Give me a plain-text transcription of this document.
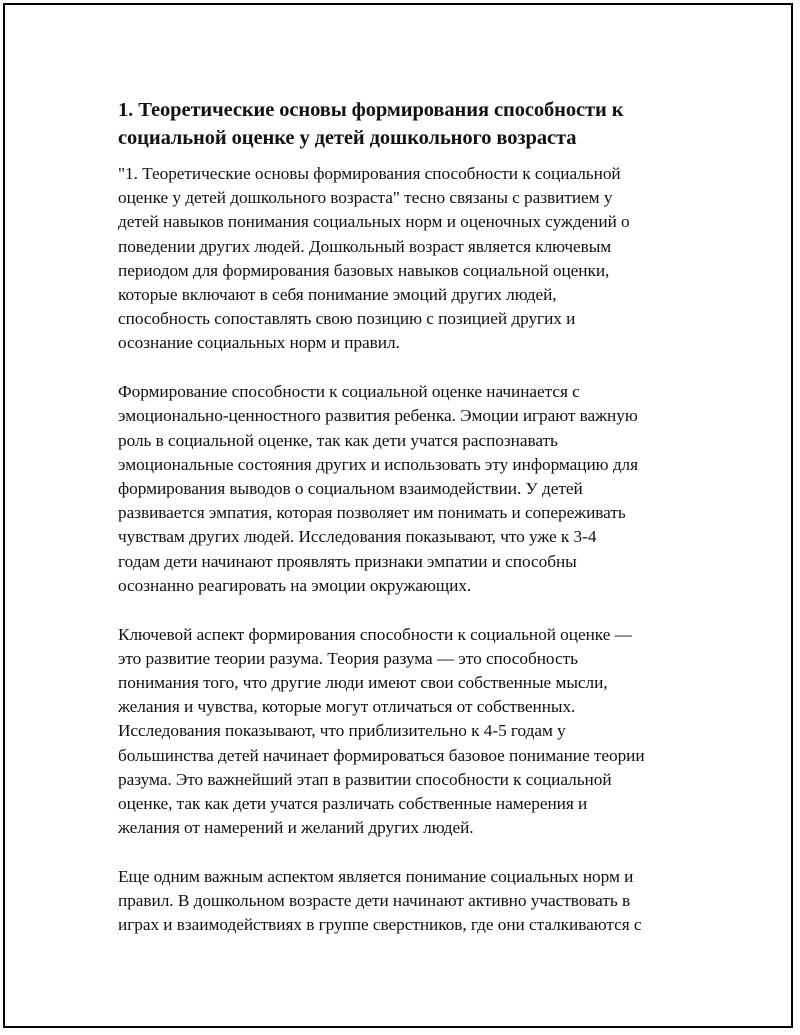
1. Теоретические основы формирования способности к
социальной оценке у детей дошкольного возраста

"1. Теоретические основы формирования способности к социальной
оценке у детей дошкольного возраста" тесно связаны с развитием у
детей навыков понимания социальных норм и оценочных суждений о
поведении других людей. Дошкольный возраст является ключевым
периодом для формирования базовых навыков социальной оценки,
которые включают в себя понимание эмоций других людей,
способность сопоставлять свою позицию с позицией других и
осознание социальных норм и правил.

Формирование способности к социальной оценке начинается с
эмоционально-ценностного развития ребенка. Эмоции играют важную
роль в социальной оценке, так как дети учатся распознавать
эмоциональные состояния других и использовать эту информацию для
формирования выводов о социальном взаимодействии. У детей
развивается эмпатия, которая позволяет им понимать и сопереживать
чувствам других людей. Исследования показывают, что уже к 3-4
годам дети начинают проявлять признаки эмпатии и способны
осознанно реагировать на эмоции окружающих.

Ключевой аспект формирования способности к социальной оценке —
это развитие теории разума. Теория разума — это способность
понимания того, что другие люди имеют свои собственные мысли,
желания и чувства, которые могут отличаться от собственных.
Исследования показывают, что приблизительно к 4-5 годам у
большинства детей начинает формироваться базовое понимание теории
разума. Это важнейший этап в развитии способности к социальной
оценке, так как дети учатся различать собственные намерения и
желания от намерений и желаний других людей.

Еще одним важным аспектом является понимание социальных норм и
правил. В дошкольном возрасте дети начинают активно участвовать в
играх и взаимодействиях в группе сверстников, где они сталкиваются с
